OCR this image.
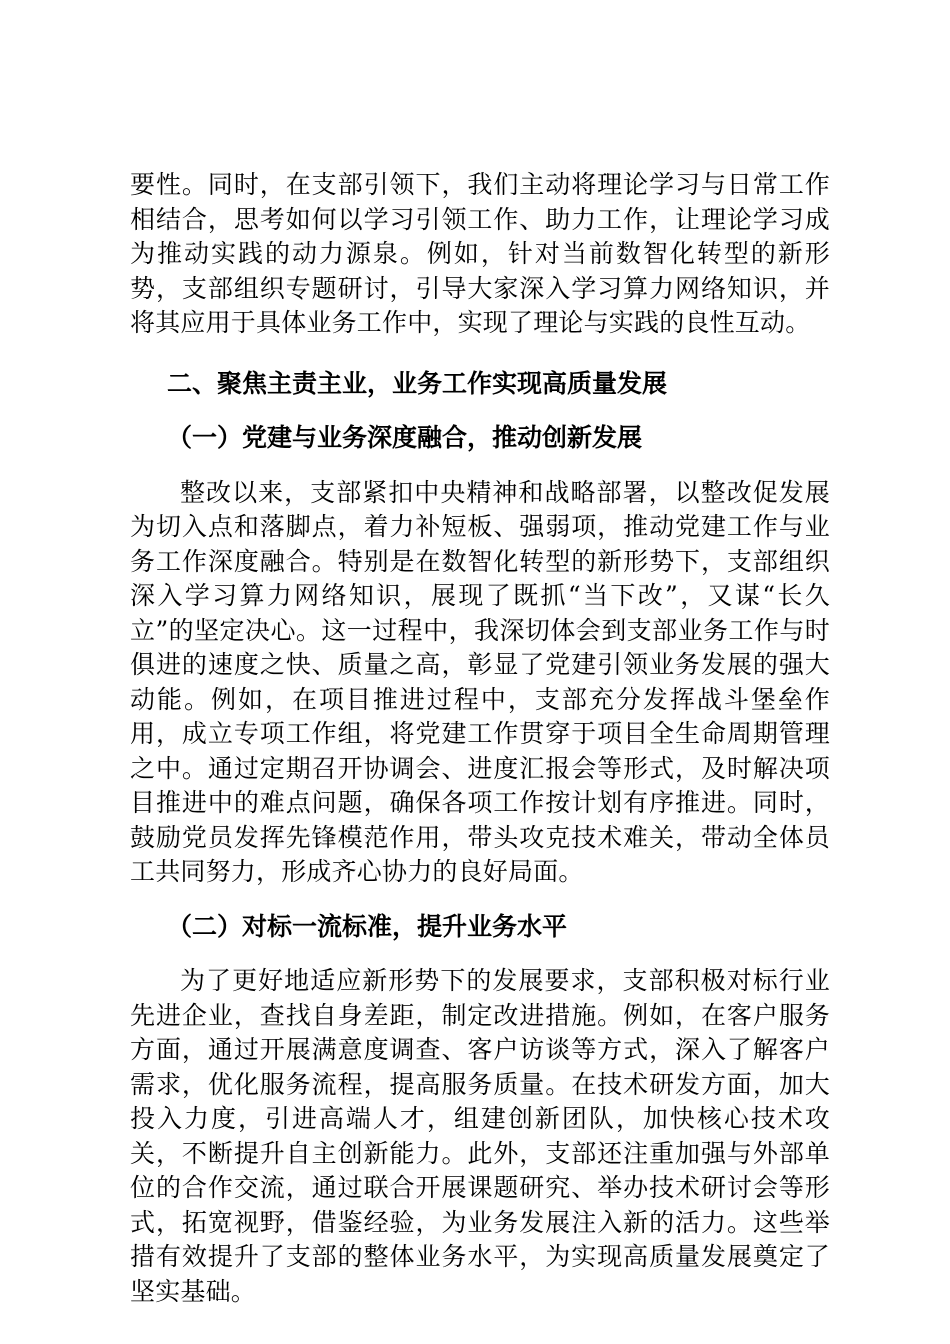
要性。同时，在支部引领下，我们主动将理论学习与日常工作相结合，思考如何以学习引领工作、助力工作，让理论学习成为推动实践的动力源泉。例如，针对当前数智化转型的新形势，支部组织专题研讨，引导大家深入学习算力网络知识，并将其应用于具体业务工作中，实现了理论与实践的良性互动。

二、聚焦主责主业，业务工作实现高质量发展
（一）党建与业务深度融合，推动创新发展

整改以来，支部紧扣中央精神和战略部署，以整改促发展为切入点和落脚点，着力补短板、强弱项，推动党建工作与业务工作深度融合。特别是在数智化转型的新形势下，支部组织深入学习算力网络知识，展现了既抓“当下改”，又谋“长久立”的坚定决心。这一过程中，我深切体会到支部业务工作与时俱进的速度之快、质量之高，彰显了党建引领业务发展的强大动能。例如，在项目推进过程中，支部充分发挥战斗堡垒作用，成立专项工作组，将党建工作贯穿于项目全生命周期管理之中。通过定期召开协调会、进度汇报会等形式，及时解决项目推进中的难点问题，确保各项工作按计划有序推进。同时，鼓励党员发挥先锋模范作用，带头攻克技术难关，带动全体员工共同努力，形成齐心协力的良好局面。

（二）对标一流标准，提升业务水平

为了更好地适应新形势下的发展要求，支部积极对标行业先进企业，查找自身差距，制定改进措施。例如，在客户服务方面，通过开展满意度调查、客户访谈等方式，深入了解客户需求，优化服务流程，提高服务质量。在技术研发方面，加大投入力度，引进高端人才，组建创新团队，加快核心技术攻关，不断提升自主创新能力。此外，支部还注重加强与外部单位的合作交流，通过联合开展课题研究、举办技术研讨会等形式，拓宽视野，借鉴经验，为业务发展注入新的活力。这些举措有效提升了支部的整体业务水平，为实现高质量发展奠定了坚实基础。
